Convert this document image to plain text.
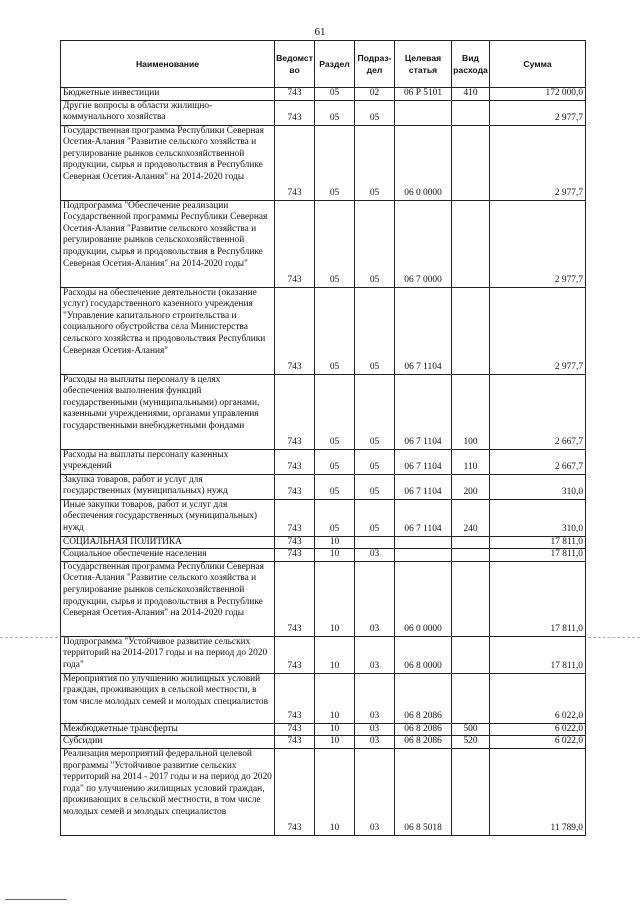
61
Наименование	Ведомст во	Раздел	Подраз- дел	Целевая статья	Вид расхода	Сумма
Бюджетные инвестиции	743	05	02	06 Р 5101	410	172 000,0
Другие вопросы в области жилищно-коммунального хозяйства	743	05	05			2 977,7
Государственная программа Республики Северная Осетия-Алания "Развитие сельского хозяйства и регулирование рынков сельскохозяйственной продукции, сырья и продовольствия в Республике Северная Осетия-Алания" на 2014-2020 годы	743	05	05	06 0 0000		2 977,7
Подпрограмма "Обеспечение реализации Государственной программы Республики Северная Осетия-Алания "Развитие сельского хозяйства и регулирование рынков сельскохозяйственной продукции, сырья и продовольствия в Республике Северная Осетия-Алания" на 2014-2020 годы"	743	05	05	06 7 0000		2 977,7
Расходы на обеспечение деятельности (оказание услуг) государственного казенного учреждения "Управление капитального строительства и социального обустройства села Министерства сельского хозяйства и продовольствия Республики Северная Осетия-Алания"	743	05	05	06 7 1104		2 977,7
Расходы на выплаты персоналу в целях обеспечения выполнения функций государственными (муниципальными) органами, казенными учреждениями, органами управления государственными внебюджетными фондами	743	05	05	06 7 1104	100	2 667,7
Расходы на выплаты персоналу казенных учреждений	743	05	05	06 7 1104	110	2 667,7
Закупка товаров, работ и услуг для государственных (муниципальных) нужд	743	05	05	06 7 1104	200	310,0
Иные закупки товаров, работ и услуг для обеспечения государственных (муниципальных) нужд	743	05	05	06 7 1104	240	310,0
СОЦИАЛЬНАЯ ПОЛИТИКА	743	10				17 811,0
Социальное обеспечение населения	743	10	03			17 811,0
Государственная программа Республики Северная Осетия-Алания "Развитие сельского хозяйства и регулирование рынков сельскохозяйственной продукции, сырья и продовольствия в Республике Северная Осетия-Алания" на 2014-2020 годы	743	10	03	06 0 0000		17 811,0
Подпрограмма "Устойчивое развитие сельских территорий на 2014-2017 годы и на период до 2020 года"	743	10	03	06 8 0000		17 811,0
Мероприятия по улучшению жилищных условий граждан, проживающих в сельской местности, в том числе молодых семей и молодых специалистов	743	10	03	06 8 2086		6 022,0
Межбюджетные трансферты	743	10	03	06 8 2086	500	6 022,0
Субсидии	743	10	03	06 8 2086	520	6 022,0
Реализация мероприятий федеральной целевой программы "Устойчивое развитие сельских территорий на 2014 - 2017 годы и на период до 2020 года" по улучшению жилищных условий граждан, проживающих в сельской местности, в том числе молодых семей и молодых специалистов	743	10	03	06 8 5018		11 789,0
